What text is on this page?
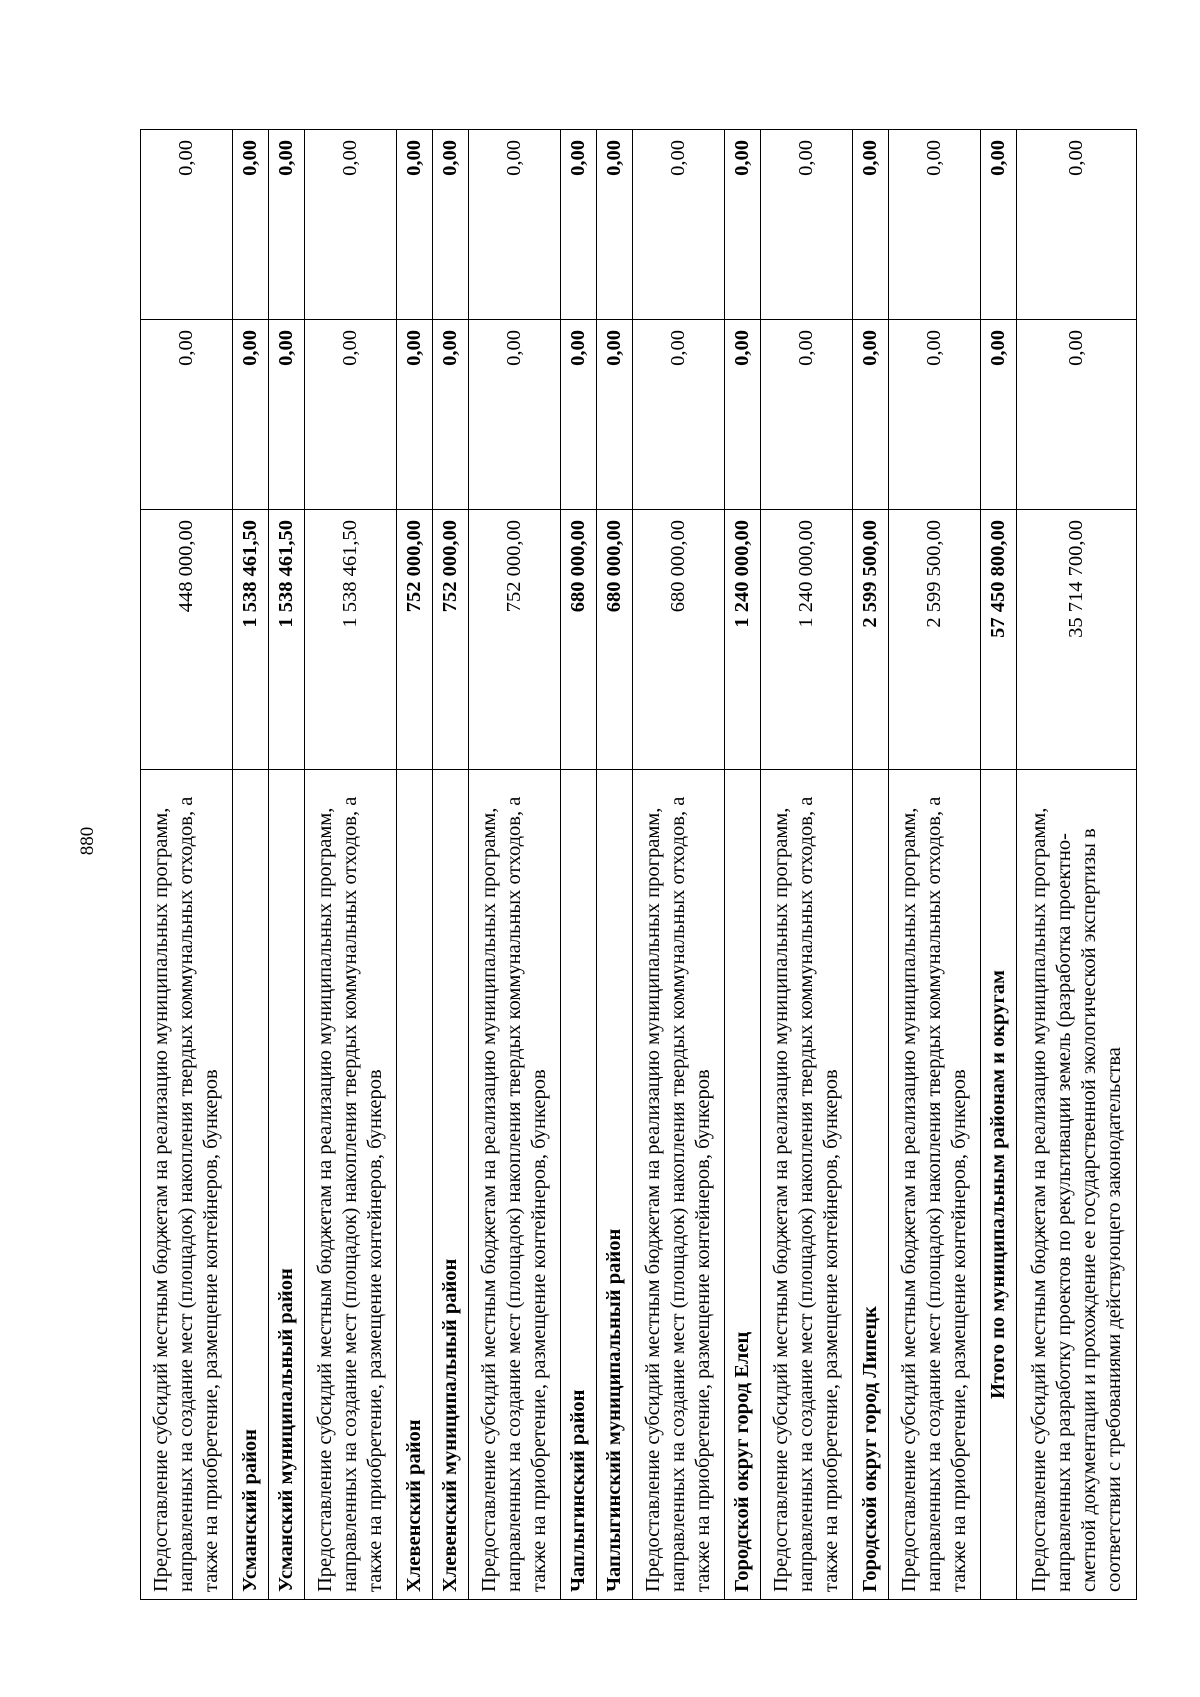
880	Предоставление субсидий местным бюджетам на реализацию муниципальных программ, направленных на создание мест (площадок) накопления твердых коммунальных отходов, а также на приобретение, размещение контейнеров, бункеров	448 000,00	0,00	0,00
Усманский район	1 538 461,50	0,00	0,00
Усманский муниципальный район	1 538 461,50	0,00	0,00
Предоставление субсидий местным бюджетам на реализацию муниципальных программ, направленных на создание мест (площадок) накопления твердых коммунальных отходов, а также на приобретение, размещение контейнеров, бункеров	1 538 461,50	0,00	0,00
Хлевенский район	752 000,00	0,00	0,00
Хлевенский муниципальный район	752 000,00	0,00	0,00
Предоставление субсидий местным бюджетам на реализацию муниципальных программ, направленных на создание мест (площадок) накопления твердых коммунальных отходов, а также на приобретение, размещение контейнеров, бункеров	752 000,00	0,00	0,00
Чаплыгинский район	680 000,00	0,00	0,00
Чаплыгинский муниципальный район	680 000,00	0,00	0,00
Предоставление субсидий местным бюджетам на реализацию муниципальных программ, направленных на создание мест (площадок) накопления твердых коммунальных отходов, а также на приобретение, размещение контейнеров, бункеров	680 000,00	0,00	0,00
Городской округ город Елец	1 240 000,00	0,00	0,00
Предоставление субсидий местным бюджетам на реализацию муниципальных программ, направленных на создание мест (площадок) накопления твердых коммунальных отходов, а также на приобретение, размещение контейнеров, бункеров	1 240 000,00	0,00	0,00
Городской округ город Липецк	2 599 500,00	0,00	0,00
Предоставление субсидий местным бюджетам на реализацию муниципальных программ, направленных на создание мест (площадок) накопления твердых коммунальных отходов, а также на приобретение, размещение контейнеров, бункеров	2 599 500,00	0,00	0,00
Итого по муниципальным районам и округам	57 450 800,00	0,00	0,00
Предоставление субсидий местным бюджетам на реализацию муниципальных программ, направленных на разработку проектов по рекультивации земель (разработка проектно-сметной документации и прохождение ее государственной экологической экспертизы в соответствии с требованиями действующего законодательства	35 714 700,00	0,00	0,00
